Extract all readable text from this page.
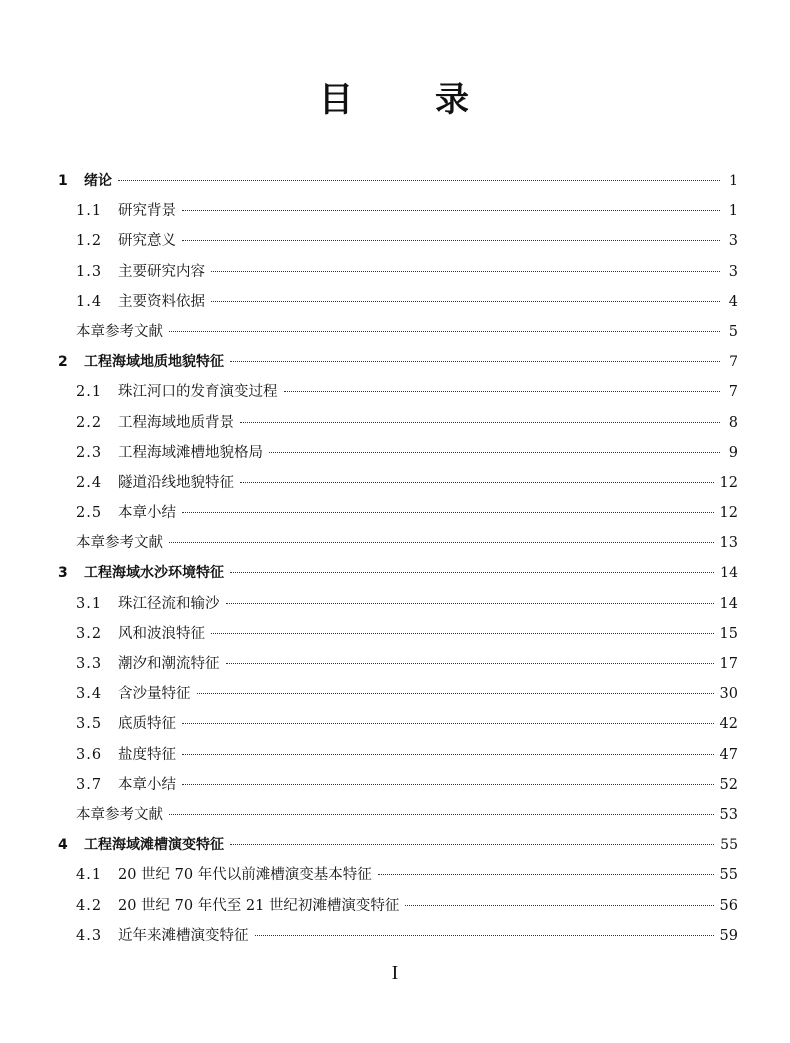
目 录
1	绪论	1
1.1	研究背景	1
1.2	研究意义	3
1.3	主要研究内容	3
1.4	主要资料依据	4
本章参考文献	5
2	工程海域地质地貌特征	7
2.1	珠江河口的发育演变过程	7
2.2	工程海域地质背景	8
2.3	工程海域滩槽地貌格局	9
2.4	隧道沿线地貌特征	12
2.5	本章小结	12
本章参考文献	13
3	工程海域水沙环境特征	14
3.1	珠江径流和输沙	14
3.2	风和波浪特征	15
3.3	潮汐和潮流特征	17
3.4	含沙量特征	30
3.5	底质特征	42
3.6	盐度特征	47
3.7	本章小结	52
本章参考文献	53
4	工程海域滩槽演变特征	55
4.1	20 世纪 70 年代以前滩槽演变基本特征	55
4.2	20 世纪 70 年代至 21 世纪初滩槽演变特征	56
4.3	近年来滩槽演变特征	59
I
